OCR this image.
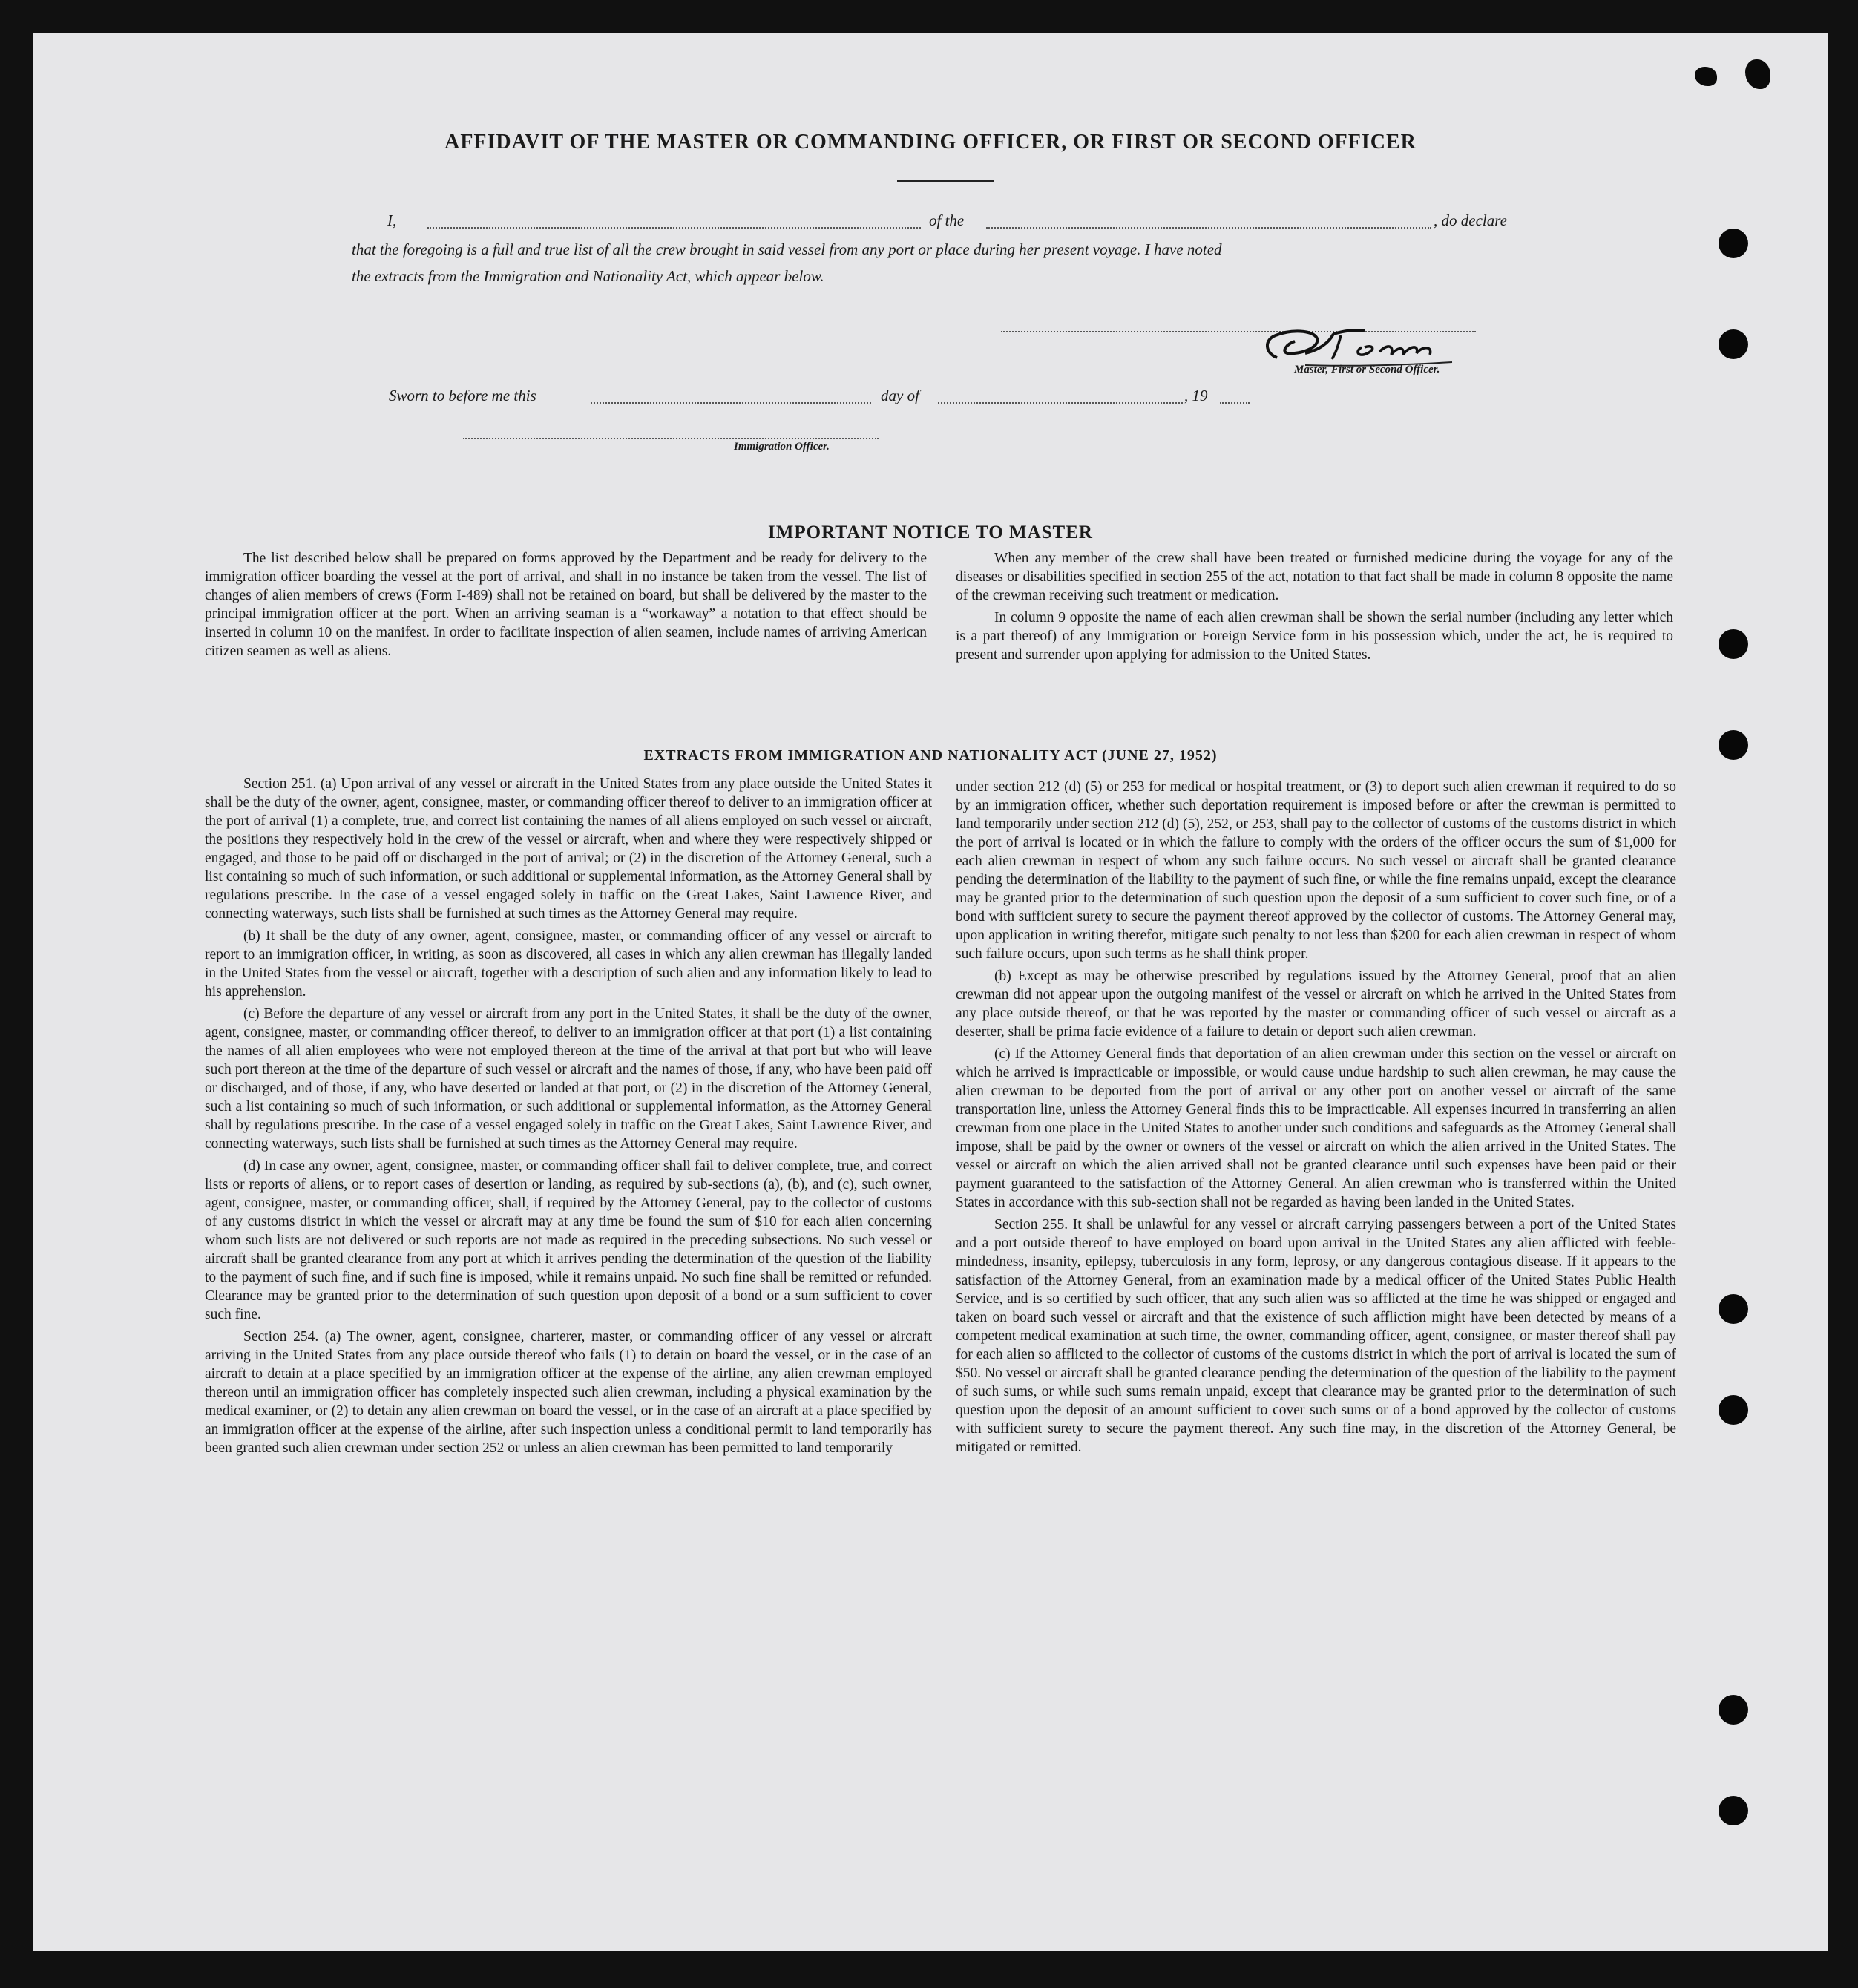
AFFIDAVIT OF THE MASTER OR COMMANDING OFFICER, OR FIRST OR SECOND OFFICER
I,	of the	, do declare
that the foregoing is a full and true list of all the crew brought in said vessel from any port or place during her present voyage. I have noted
the extracts from the Immigration and Nationality Act, which appear below.
Master, First or Second Officer.
Sworn to before me this	day of	, 19
Immigration Officer.
IMPORTANT NOTICE TO MASTER

The list described below shall be prepared on forms approved by the Department and be ready for delivery to the immigration officer boarding the vessel at the port of arrival, and shall in no instance be taken from the vessel. The list of changes of alien members of crews (Form I-489) shall not be retained on board, but shall be delivered by the master to the principal immigration officer at the port. When an arriving seaman is a “workaway” a notation to that effect should be inserted in column 10 on the manifest. In order to facilitate inspection of alien seamen, include names of arriving American citizen seamen as well as aliens.

When any member of the crew shall have been treated or furnished medicine during the voyage for any of the diseases or disabilities specified in section 255 of the act, notation to that fact shall be made in column 8 opposite the name of the crewman receiving such treatment or medication.

In column 9 opposite the name of each alien crewman shall be shown the serial number (including any letter which is a part thereof) of any Immigration or Foreign Service form in his possession which, under the act, he is required to present and surrender upon applying for admission to the United States.

EXTRACTS FROM IMMIGRATION AND NATIONALITY ACT (JUNE 27, 1952)

Section 251. (a) Upon arrival of any vessel or aircraft in the United States from any place outside the United States it shall be the duty of the owner, agent, consignee, master, or commanding officer thereof to deliver to an immigration officer at the port of arrival (1) a complete, true, and correct list containing the names of all aliens employed on such vessel or aircraft, the positions they respectively hold in the crew of the vessel or aircraft, when and where they were respectively shipped or engaged, and those to be paid off or discharged in the port of arrival; or (2) in the discretion of the Attorney General, such a list containing so much of such information, or such additional or supplemental information, as the Attorney General shall by regulations prescribe. In the case of a vessel engaged solely in traffic on the Great Lakes, Saint Lawrence River, and connecting waterways, such lists shall be furnished at such times as the Attorney General may require.

(b) It shall be the duty of any owner, agent, consignee, master, or commanding officer of any vessel or aircraft to report to an immigration officer, in writing, as soon as discovered, all cases in which any alien crewman has illegally landed in the United States from the vessel or aircraft, together with a description of such alien and any information likely to lead to his apprehension.

(c) Before the departure of any vessel or aircraft from any port in the United States, it shall be the duty of the owner, agent, consignee, master, or commanding officer thereof, to deliver to an immigration officer at that port (1) a list containing the names of all alien employees who were not employed thereon at the time of the arrival at that port but who will leave such port thereon at the time of the departure of such vessel or aircraft and the names of those, if any, who have been paid off or discharged, and of those, if any, who have deserted or landed at that port, or (2) in the discretion of the Attorney General, such a list containing so much of such information, or such additional or supplemental information, as the Attorney General shall by regulations prescribe. In the case of a vessel engaged solely in traffic on the Great Lakes, Saint Lawrence River, and connecting waterways, such lists shall be furnished at such times as the Attorney General may require.

(d) In case any owner, agent, consignee, master, or commanding officer shall fail to deliver complete, true, and correct lists or reports of aliens, or to report cases of desertion or landing, as required by sub-sections (a), (b), and (c), such owner, agent, consignee, master, or commanding officer, shall, if required by the Attorney General, pay to the collector of customs of any customs district in which the vessel or aircraft may at any time be found the sum of $10 for each alien concerning whom such lists are not delivered or such reports are not made as required in the preceding subsections. No such vessel or aircraft shall be granted clearance from any port at which it arrives pending the determination of the question of the liability to the payment of such fine, and if such fine is imposed, while it remains unpaid. No such fine shall be remitted or refunded. Clearance may be granted prior to the determination of such question upon deposit of a bond or a sum sufficient to cover such fine.

Section 254. (a) The owner, agent, consignee, charterer, master, or commanding officer of any vessel or aircraft arriving in the United States from any place outside thereof who fails (1) to detain on board the vessel, or in the case of an aircraft to detain at a place specified by an immigration officer at the expense of the airline, any alien crewman employed thereon until an immigration officer has completely inspected such alien crewman, including a physical examination by the medical examiner, or (2) to detain any alien crewman on board the vessel, or in the case of an aircraft at a place specified by an immigration officer at the expense of the airline, after such inspection unless a conditional permit to land temporarily has been granted such alien crewman under section 252 or unless an alien crewman has been permitted to land temporarily

under section 212 (d) (5) or 253 for medical or hospital treatment, or (3) to deport such alien crewman if required to do so by an immigration officer, whether such deportation requirement is imposed before or after the crewman is permitted to land temporarily under section 212 (d) (5), 252, or 253, shall pay to the collector of customs of the customs district in which the port of arrival is located or in which the failure to comply with the orders of the officer occurs the sum of $1,000 for each alien crewman in respect of whom any such failure occurs. No such vessel or aircraft shall be granted clearance pending the determination of the liability to the payment of such fine, or while the fine remains unpaid, except the clearance may be granted prior to the determination of such question upon the deposit of a sum sufficient to cover such fine, or of a bond with sufficient surety to secure the payment thereof approved by the collector of customs. The Attorney General may, upon application in writing therefor, mitigate such penalty to not less than $200 for each alien crewman in respect of whom such failure occurs, upon such terms as he shall think proper.

(b) Except as may be otherwise prescribed by regulations issued by the Attorney General, proof that an alien crewman did not appear upon the outgoing manifest of the vessel or aircraft on which he arrived in the United States from any place outside thereof, or that he was reported by the master or commanding officer of such vessel or aircraft as a deserter, shall be prima facie evidence of a failure to detain or deport such alien crewman.

(c) If the Attorney General finds that deportation of an alien crewman under this section on the vessel or aircraft on which he arrived is impracticable or impossible, or would cause undue hardship to such alien crewman, he may cause the alien crewman to be deported from the port of arrival or any other port on another vessel or aircraft of the same transportation line, unless the Attorney General finds this to be impracticable. All expenses incurred in transferring an alien crewman from one place in the United States to another under such conditions and safeguards as the Attorney General shall impose, shall be paid by the owner or owners of the vessel or aircraft on which the alien arrived in the United States. The vessel or aircraft on which the alien arrived shall not be granted clearance until such expenses have been paid or their payment guaranteed to the satisfaction of the Attorney General. An alien crewman who is transferred within the United States in accordance with this sub-section shall not be regarded as having been landed in the United States.

Section 255. It shall be unlawful for any vessel or aircraft carrying passengers between a port of the United States and a port outside thereof to have employed on board upon arrival in the United States any alien afflicted with feeble-mindedness, insanity, epilepsy, tuberculosis in any form, leprosy, or any dangerous contagious disease. If it appears to the satisfaction of the Attorney General, from an examination made by a medical officer of the United States Public Health Service, and is so certified by such officer, that any such alien was so afflicted at the time he was shipped or engaged and taken on board such vessel or aircraft and that the existence of such affliction might have been detected by means of a competent medical examination at such time, the owner, commanding officer, agent, consignee, or master thereof shall pay for each alien so afflicted to the collector of customs of the customs district in which the port of arrival is located the sum of $50. No vessel or aircraft shall be granted clearance pending the determination of the question of the liability to the payment of such sums, or while such sums remain unpaid, except that clearance may be granted prior to the determination of such question upon the deposit of an amount sufficient to cover such sums or of a bond approved by the collector of customs with sufficient surety to secure the payment thereof. Any such fine may, in the discretion of the Attorney General, be mitigated or remitted.
